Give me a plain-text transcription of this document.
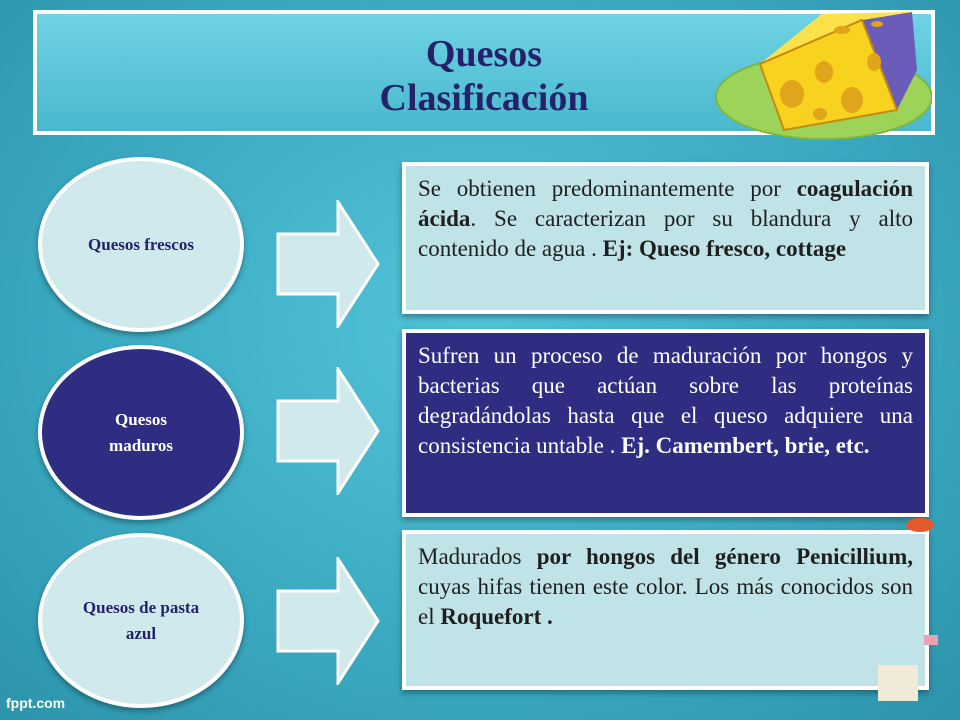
Quesos
Clasificación
Quesos frescos
Se obtienen predominantemente por coagulación ácida. Se caracterizan por su blandura y alto contenido de agua . Ej: Queso fresco, cottage
Quesos maduros
Sufren un proceso de maduración por hongos y bacterias que actúan sobre las proteínas degradándolas hasta que el queso adquiere una consistencia untable . Ej. Camembert, brie, etc.
Quesos de pasta azul
Madurados por hongos del género Penicillium, cuyas hifas tienen este color. Los más conocidos son el Roquefort .
fppt.com
